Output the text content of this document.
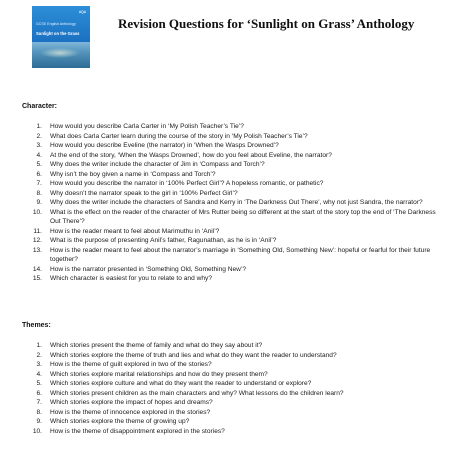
AQA
GCSE English Anthology
Sunlight on the Grass
Revision Questions for ‘Sunlight on Grass’ Anthology
Character:
1. How would you describe Carla Carter in ‘My Polish Teacher’s Tie’?
2. What does Carla Carter learn during the course of the story in ‘My Polish Teacher’s Tie’?
3. How would you describe Eveline (the narrator) in ‘When the Wasps Drowned’?
4. At the end of the story, ‘When the Wasps Drowned’, how do you feel about Eveline, the narrator?
5. Why does the writer include the character of Jim in ‘Compass and Torch’?
6. Why isn’t the boy given a name in ‘Compass and Torch’?
7. How would you describe the narrator in ‘100% Perfect Girl’? A hopeless romantic, or pathetic?
8. Why doesn’t the narrator speak to the girl in ‘100% Perfect Girl’?
9. Why does the writer include the characters of Sandra and Kerry in ‘The Darkness Out There’, why not just Sandra, the narrator?
10. What is the effect on the reader of the character of Mrs Rutter being so different at the start of the story top the end of ‘The Darkness Out There’?
11. How is the reader meant to feel about Marimuthu in ‘Anil’?
12. What is the purpose of presenting Anil’s father, Ragunathan, as he is in ‘Anil’?
13. How is the reader meant to feel about the narrator’s marriage in ‘Something Old, Something New’: hopeful or fearful for their future together?
14. How is the narrator presented in ‘Something Old, Something New’?
15. Which character is easiest for you to relate to and why?
Themes:
1. Which stories present the theme of family and what do they say about it?
2. Which stories explore the theme of truth and lies and what do they want the reader to understand?
3. How is the theme of guilt explored in two of the stories?
4. Which stories explore marital relationships and how do they present them?
5. Which stories explore culture and what do they want the reader to understand or explore?
6. Which stories present children as the main characters and why? What lessons do the children learn?
7. Which stories explore the impact of hopes and dreams?
8. How is the theme of innocence explored in the stories?
9. Which stories explore the theme of growing up?
10. How is the theme of disappointment explored in the stories?
